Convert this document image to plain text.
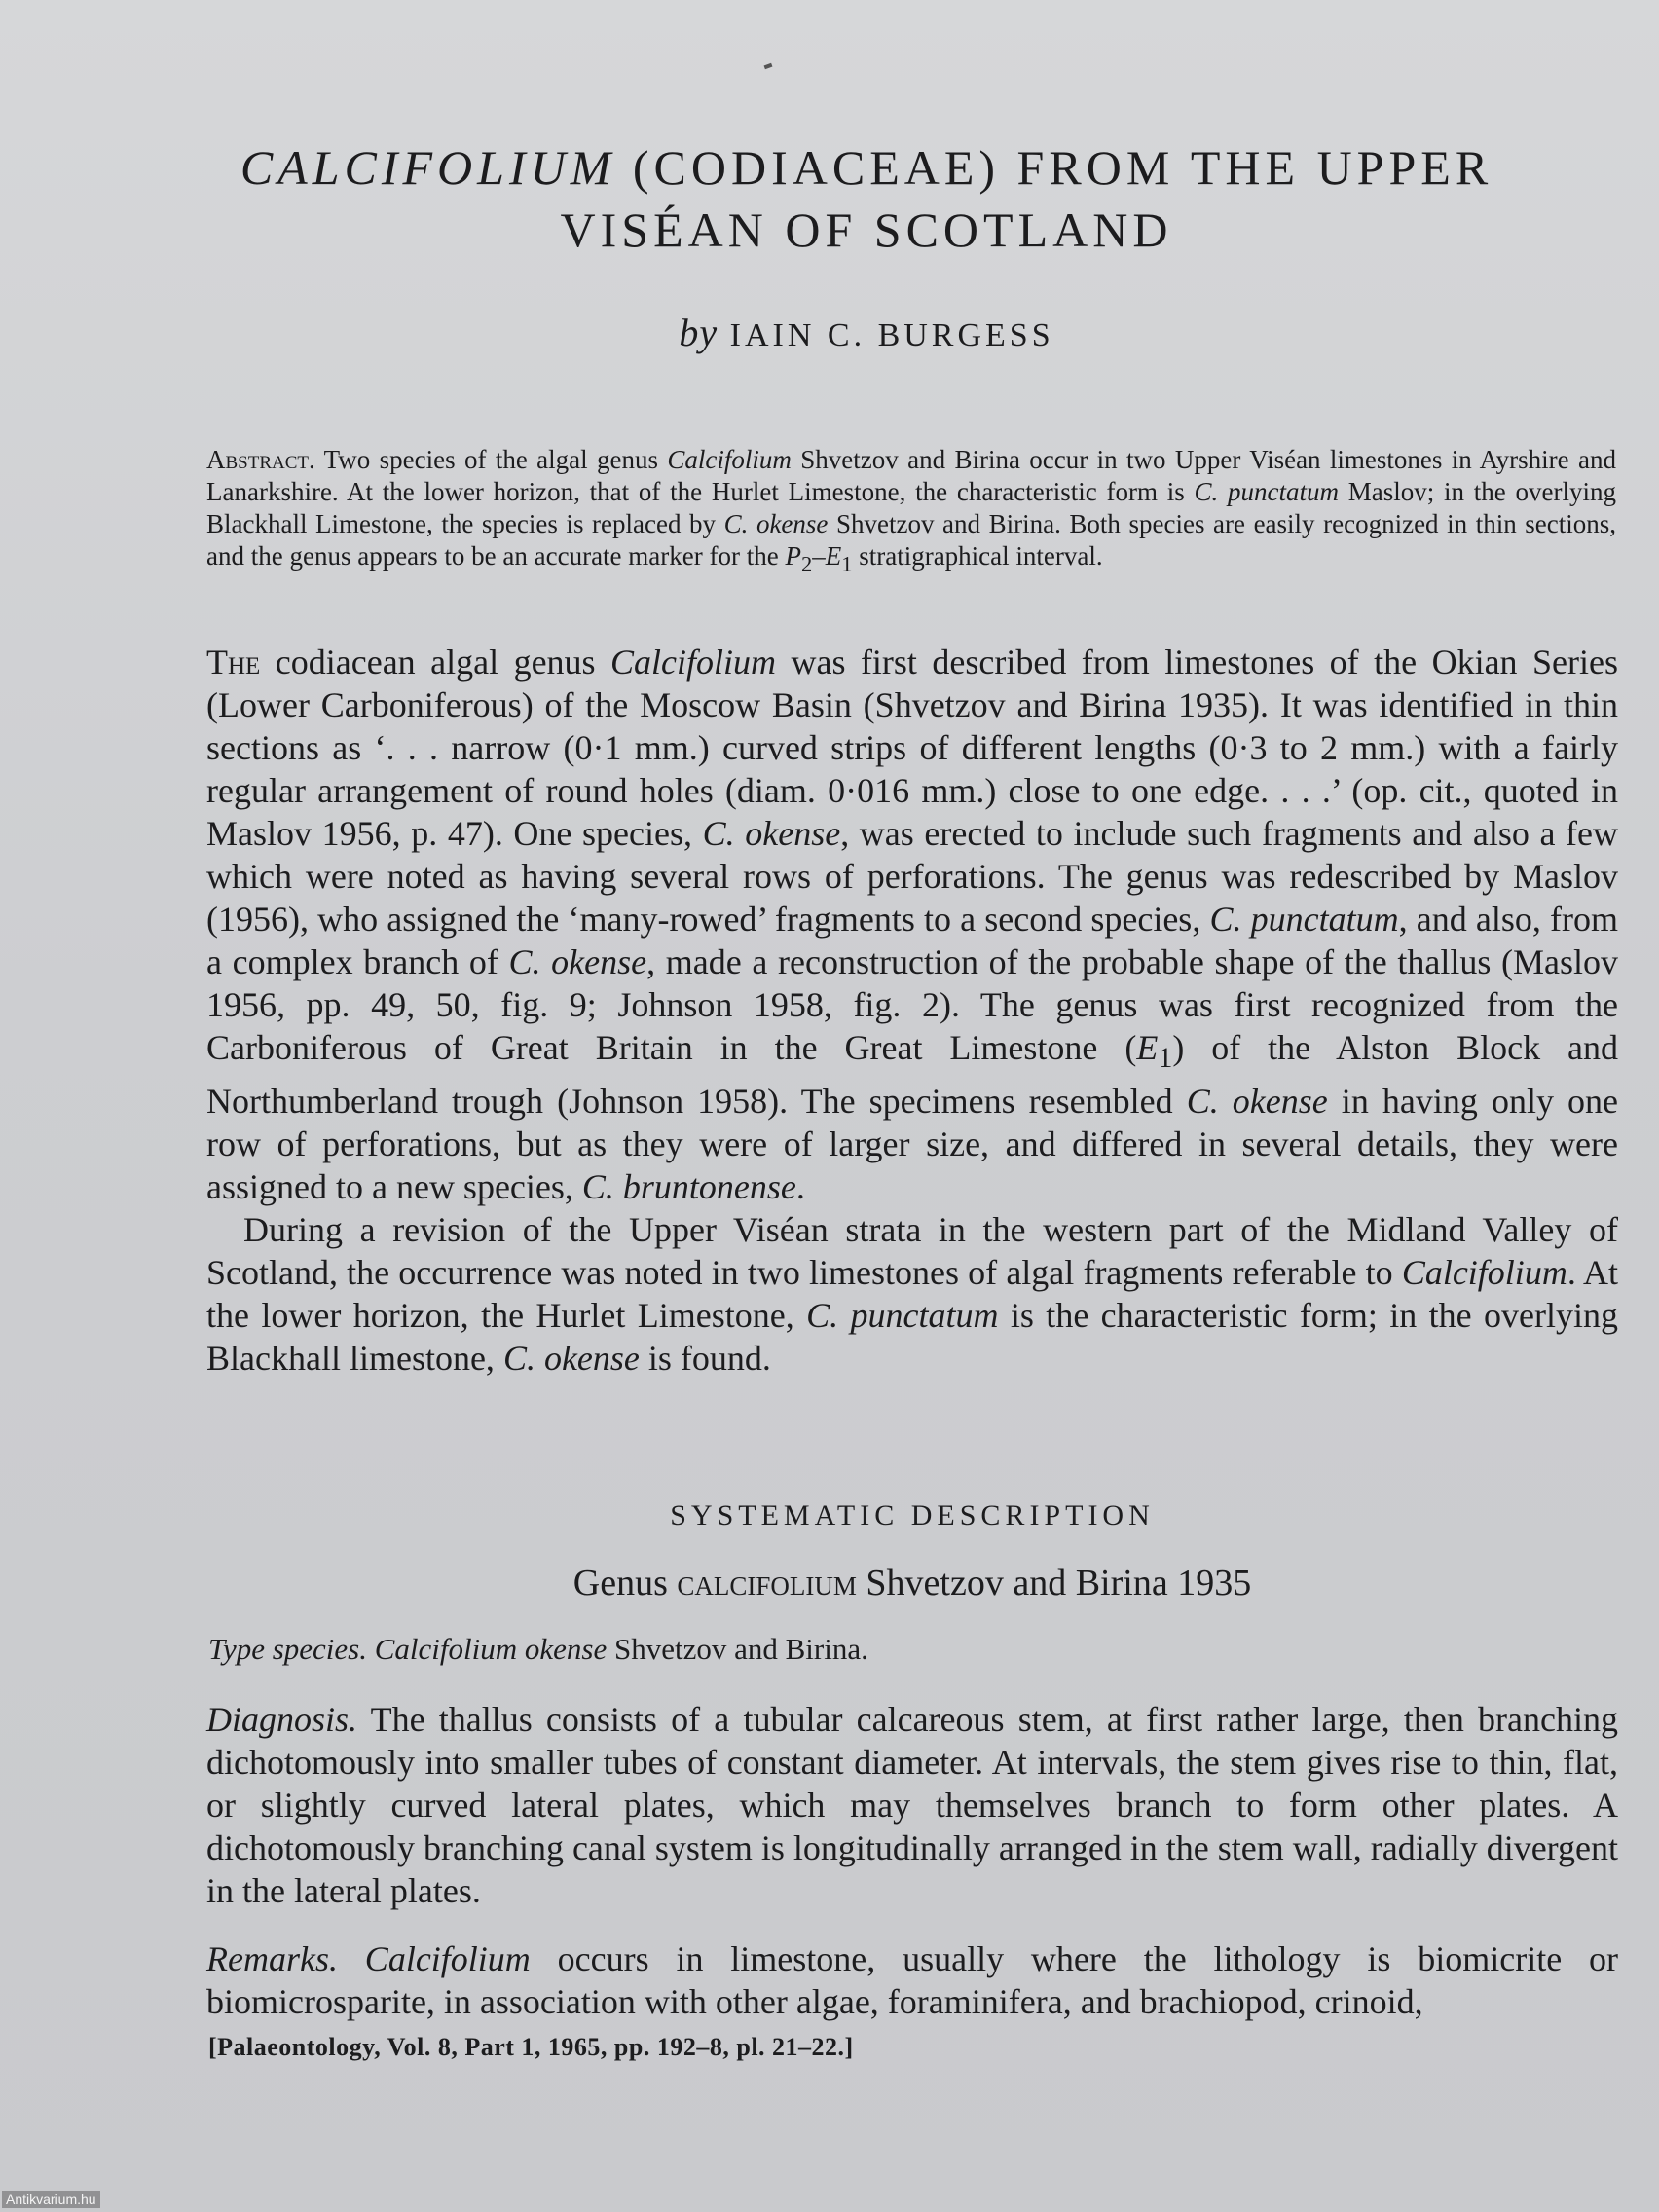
CALCIFOLIUM (CODIACEAE) FROM THE UPPER
VISÉAN OF SCOTLAND
by IAIN C. BURGESS
Abstract. Two species of the algal genus Calcifolium Shvetzov and Birina occur in two Upper Viséan limestones in Ayrshire and Lanarkshire. At the lower horizon, that of the Hurlet Limestone, the characteristic form is C. punctatum Maslov; in the overlying Blackhall Limestone, the species is replaced by C. okense Shvetzov and Birina. Both species are easily recognized in thin sections, and the genus appears to be an accurate marker for the $P_2-E_1$ stratigraphical interval.

The codiacean algal genus Calcifolium was first described from limestones of the Okian Series (Lower Carboniferous) of the Moscow Basin (Shvetzov and Birina 1935). It was identified in thin sections as ‘. . . narrow (0·1 mm.) curved strips of different lengths (0·3 to 2 mm.) with a fairly regular arrangement of round holes (diam. 0·016 mm.) close to one edge. . . .’ (op. cit., quoted in Maslov 1956, p. 47). One species, C. okense, was erected to include such fragments and also a few which were noted as having several rows of perforations. The genus was redescribed by Maslov (1956), who assigned the ‘many-rowed’ fragments to a second species, C. punctatum, and also, from a complex branch of C. okense, made a reconstruction of the probable shape of the thallus (Maslov 1956, pp. 49, 50, fig. 9; Johnson 1958, fig. 2). The genus was first recognized from the Carboniferous of Great Britain in the Great Limestone $(E_1)$ of the Alston Block and Northumberland trough (Johnson 1958). The specimens resembled C. okense in having only one row of perforations, but as they were of larger size, and differed in several details, they were assigned to a new species, C. bruntonense.

During a revision of the Upper Viséan strata in the western part of the Midland Valley of Scotland, the occurrence was noted in two limestones of algal fragments referable to Calcifolium. At the lower horizon, the Hurlet Limestone, C. punctatum is the characteristic form; in the overlying Blackhall limestone, C. okense is found.

SYSTEMATIC DESCRIPTION
Genus calcifolium Shvetzov and Birina 1935
Type species. Calcifolium okense Shvetzov and Birina.

Diagnosis. The thallus consists of a tubular calcareous stem, at first rather large, then branching dichotomously into smaller tubes of constant diameter. At intervals, the stem gives rise to thin, flat, or slightly curved lateral plates, which may themselves branch to form other plates. A dichotomously branching canal system is longitudinally arranged in the stem wall, radially divergent in the lateral plates.

Remarks. Calcifolium occurs in limestone, usually where the lithology is biomicrite or biomicrosparite, in association with other algae, foraminifera, and brachiopod, crinoid,

[Palaeontology, Vol. 8, Part 1, 1965, pp. 192–8, pl. 21–22.]
Antikvarium.hu
